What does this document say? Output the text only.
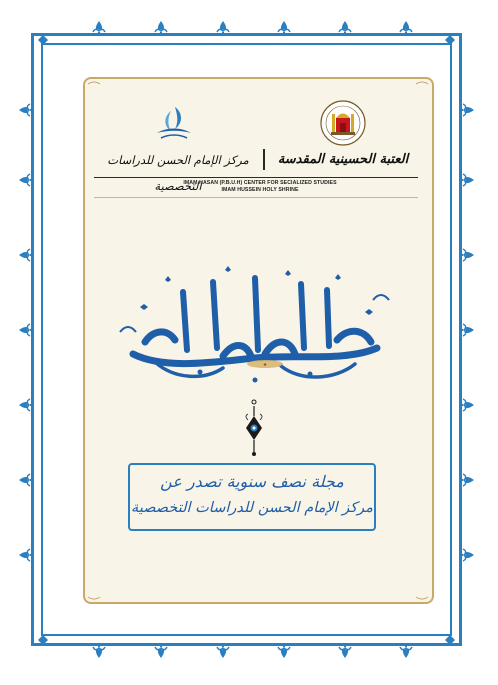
مركز الإمام الحسن للدراسات التخصصية
العتبة الحسينية المقدسة
IMAM HASAN (P.B.U.H) CENTER FOR SECIALIZED STUDIES
IMAM HUSSEIN HOLY SHRINE
❖
مجلة الزكي العلمية
مجلة نصف سنوية تصدر عن
مركز الإمام الحسن للدراسات التخصصية
